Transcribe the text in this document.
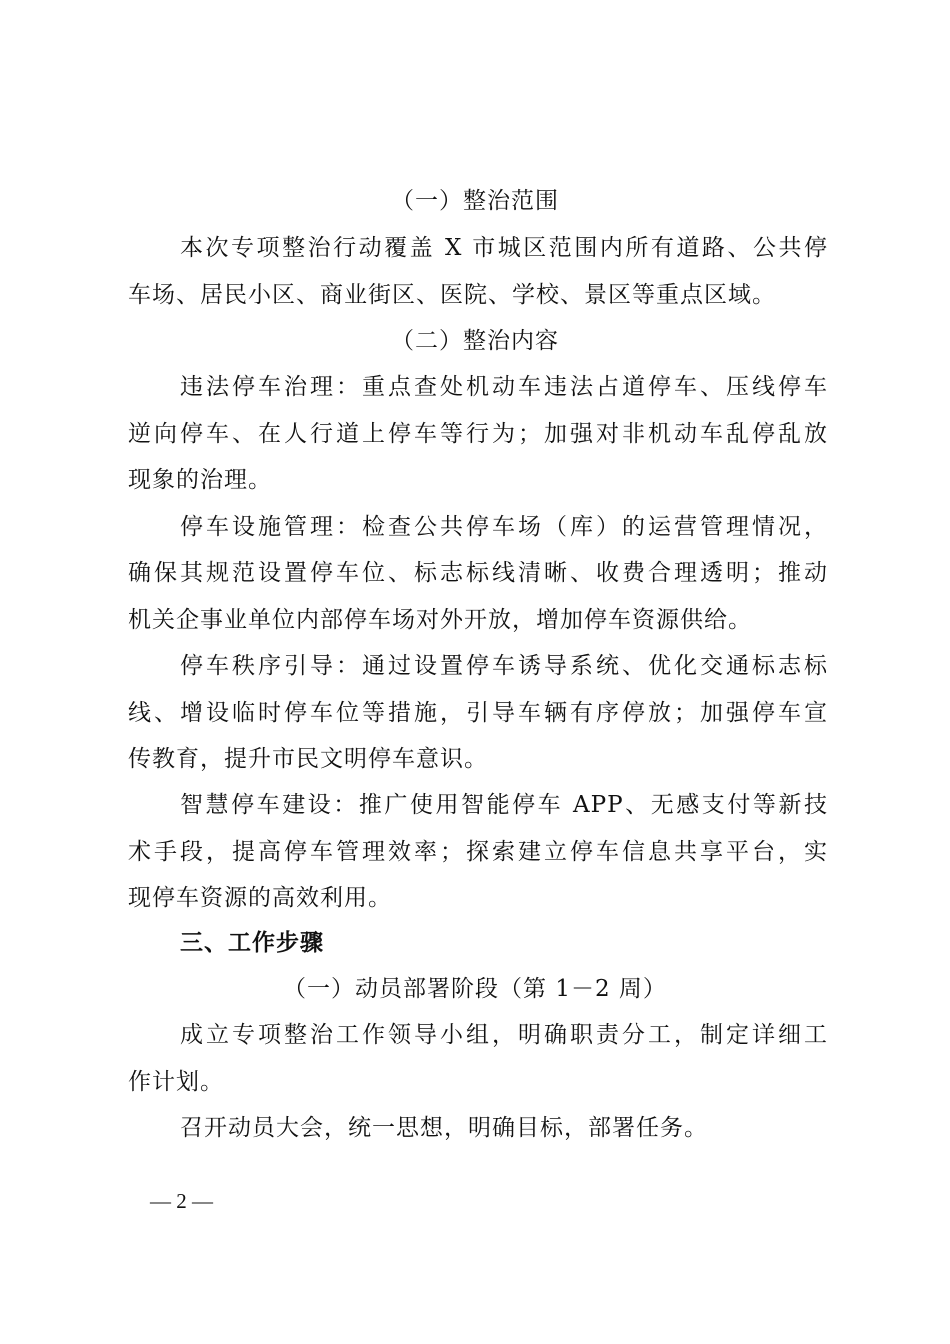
（一）整治范围
本次专项整治行动覆盖 X 市城区范围内所有道路、公共停
车场、居民小区、商业街区、医院、学校、景区等重点区域。
（二）整治内容
违法停车治理：重点查处机动车违法占道停车、压线停车
逆向停车、在人行道上停车等行为；加强对非机动车乱停乱放
现象的治理。
停车设施管理：检查公共停车场（库）的运营管理情况，
确保其规范设置停车位、标志标线清晰、收费合理透明；推动
机关企事业单位内部停车场对外开放，增加停车资源供给。
停车秩序引导：通过设置停车诱导系统、优化交通标志标
线、增设临时停车位等措施，引导车辆有序停放；加强停车宣
传教育，提升市民文明停车意识。
智慧停车建设：推广使用智能停车 APP、无感支付等新技
术手段，提高停车管理效率；探索建立停车信息共享平台，实
现停车资源的高效利用。
三、工作步骤
（一）动员部署阶段（第 1－2 周）
成立专项整治工作领导小组，明确职责分工，制定详细工
作计划。
召开动员大会，统一思想，明确目标，部署任务。
— 2 —
